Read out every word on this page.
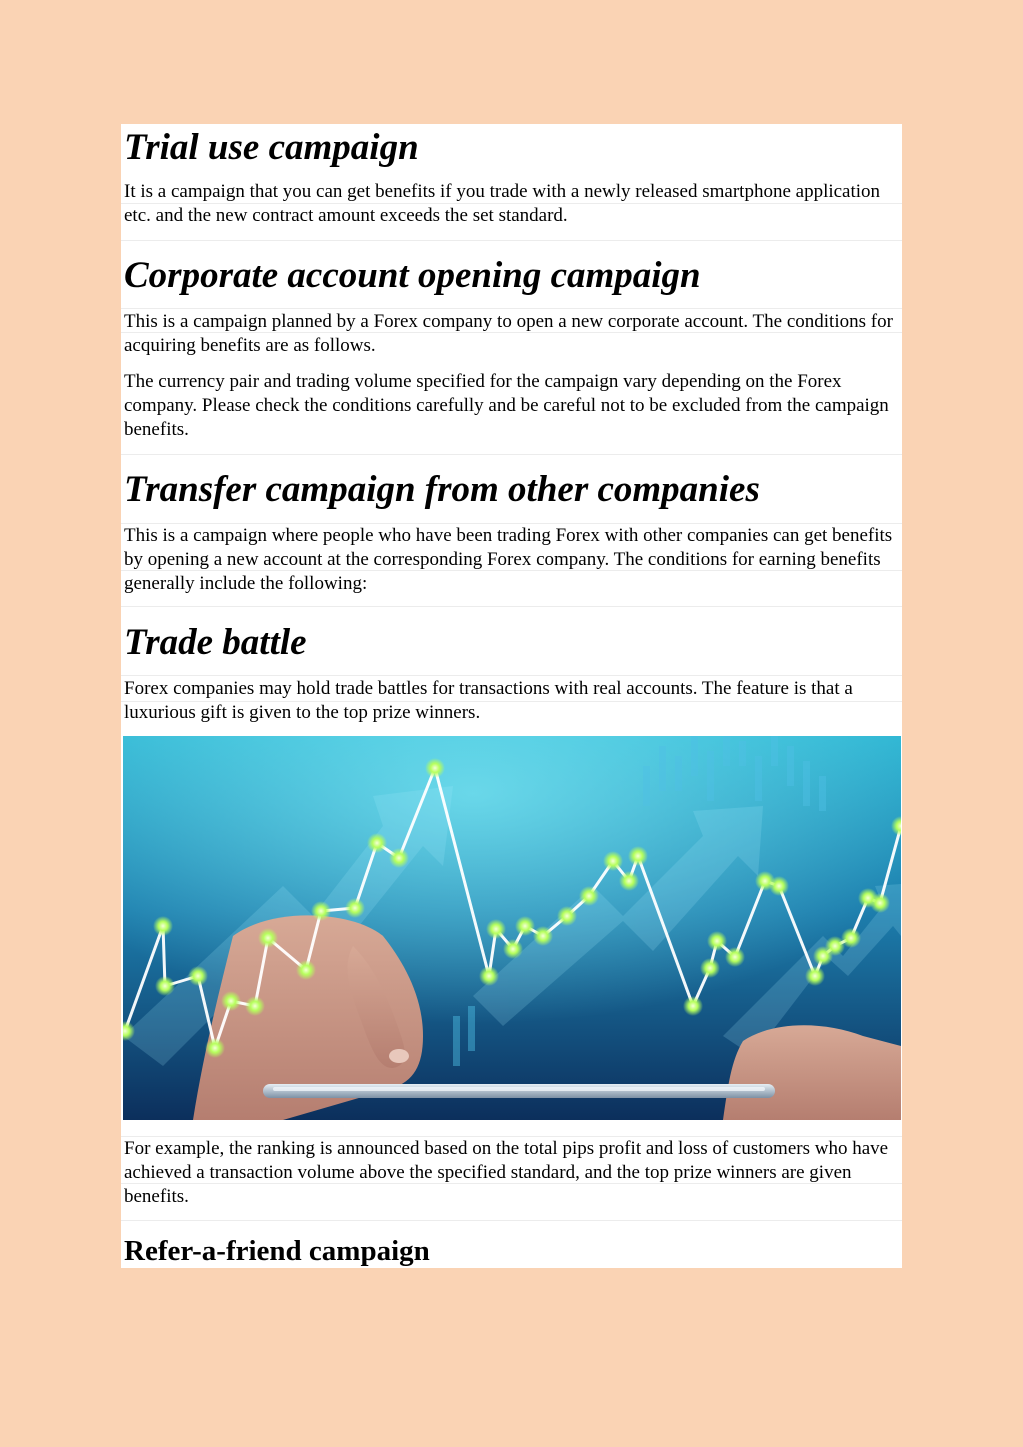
Trial use campaign

It is a campaign that you can get benefits if you trade with a newly released smartphone application etc. and the new contract amount exceeds the set standard.

Corporate account opening campaign

This is a campaign planned by a Forex company to open a new corporate account. The conditions for acquiring benefits are as follows.

The currency pair and trading volume specified for the campaign vary depending on the Forex company. Please check the conditions carefully and be careful not to be excluded from the campaign benefits.

Transfer campaign from other companies

This is a campaign where people who have been trading Forex with other companies can get benefits by opening a new account at the corresponding Forex company. The conditions for earning benefits generally include the following:

Trade battle

Forex companies may hold trade battles for transactions with real accounts. The feature is that a luxurious gift is given to the top prize winners.

For example, the ranking is announced based on the total pips profit and loss of customers who have achieved a transaction volume above the specified standard, and the top prize winners are given benefits.

Refer-a-friend campaign
